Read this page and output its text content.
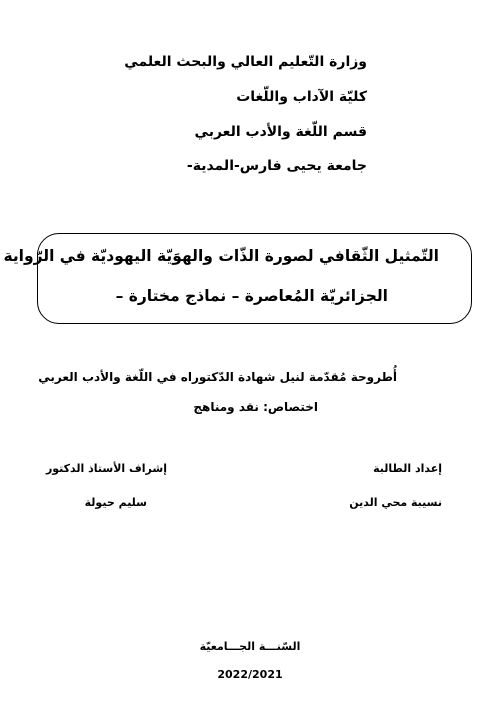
وزارة التّعليم العالي والبحث العلمي
كليّة الآداب واللّغات
قسم اللّغة والأدب العربي
جامعة يحيى فارس-المدية-
التّمثيل الثّقافي لصورة الذّات والهوَيّة اليهوديّة في الرّواية
الجزائريّة المُعاصرة – نماذج مختارة –
أُطروحة مُقدّمة لنيل شهادة الدّكتوراه في اللّغة والأدب العربي
اختصاص: نقد ومناهج
إعداد الطالبة
نسيبة محي الدين
إشراف الأستاذ الدكتور
سليم حيولة
السّنـــة الجـــامعيّة
2022/2021
